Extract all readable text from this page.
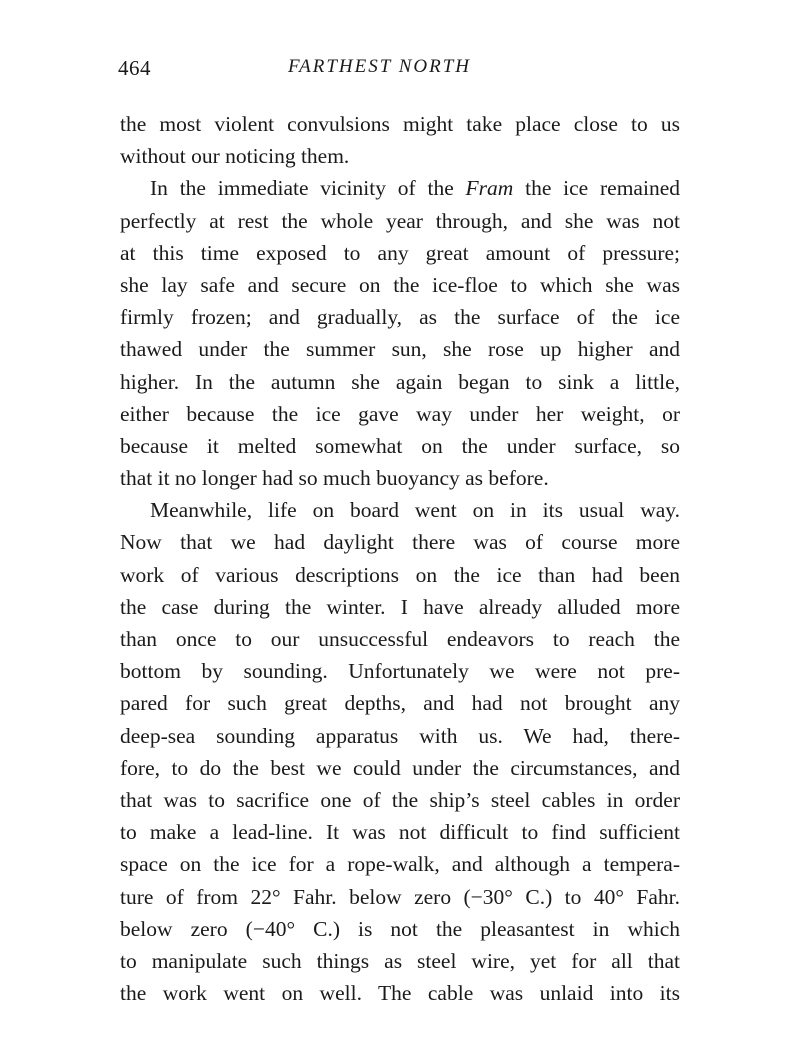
464	FARTHEST NORTH
the most violent convulsions might take place close to us
without our noticing them.
In the immediate vicinity of the Fram the ice remained
perfectly at rest the whole year through, and she was not
at this time exposed to any great amount of pressure;
she lay safe and secure on the ice-floe to which she was
firmly frozen; and gradually, as the surface of the ice
thawed under the summer sun, she rose up higher and
higher. In the autumn she again began to sink a little,
either because the ice gave way under her weight, or
because it melted somewhat on the under surface, so
that it no longer had so much buoyancy as before.
Meanwhile, life on board went on in its usual way.
Now that we had daylight there was of course more
work of various descriptions on the ice than had been
the case during the winter. I have already alluded more
than once to our unsuccessful endeavors to reach the
bottom by sounding. Unfortunately we were not pre-
pared for such great depths, and had not brought any
deep-sea sounding apparatus with us. We had, there-
fore, to do the best we could under the circumstances, and
that was to sacrifice one of the ship’s steel cables in order
to make a lead-line. It was not difficult to find sufficient
space on the ice for a rope-walk, and although a tempera-
ture of from 22° Fahr. below zero (−30° C.) to 40° Fahr.
below zero (−40° C.) is not the pleasantest in which
to manipulate such things as steel wire, yet for all that
the work went on well. The cable was unlaid into its
